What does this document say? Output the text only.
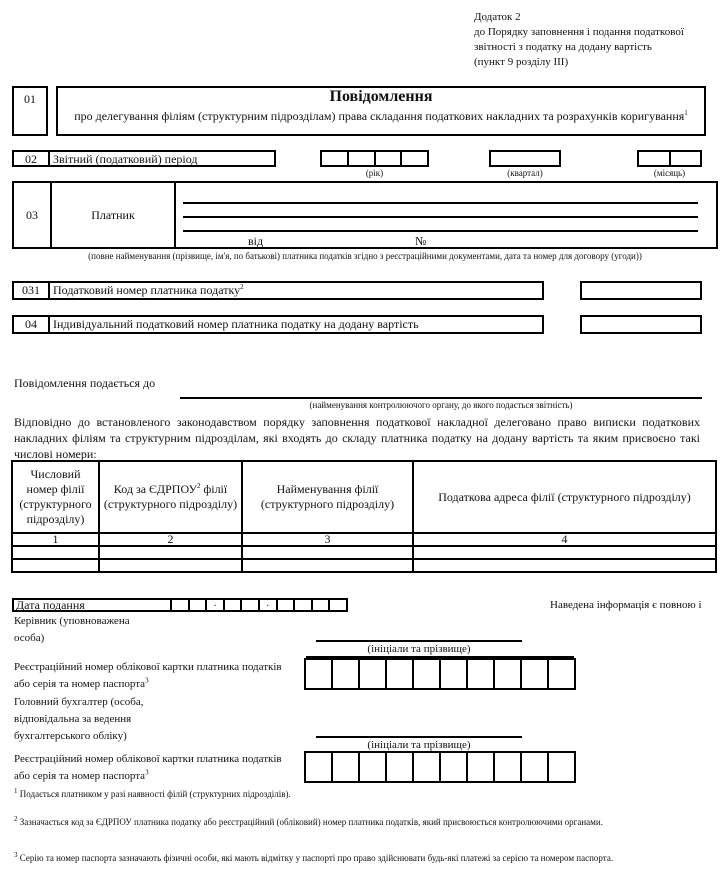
Додаток 2
до Порядку заповнення і подання податкової
звітності з податку на додану вартість
(пункт 9 розділу III)
01	Повідомлення
про делегування філіям (структурним підрозділам) права складання податкових накладних та розрахунків коригування$^1$
02	Звітний (податковий) період
(рік)	(квартал)	(місяць)
03	Платник
від	№
(повне найменування (прізвище, ім'я, по батькові) платника податків згідно з реєстраційними документами, дата та номер для договору (угоди))
031	Податковий номер платника податку$^2$
04	Індивідуальний податковий номер платника податку на додану вартість
Повідомлення подається до
(найменування контролюючого органу, до якого подається звітність)
Відповідно до встановленого законодавством порядку заповнення податкової накладної делеговано право виписки податкових накладних філіям та структурним підрозділам, які входять до складу платника податку на додану вартість та яким присвоєно такі числові номери:
Числовий номер філії (структурного підрозділу)	Код за ЄДРПОУ$^2$ філії (структурного підрозділу)	Найменування філії (структурного підрозділу)	Податкова адреса філії (структурного підрозділу)
1	2	3	4

Дата подання	.	.	Наведена інформація є повною і
Керівник (уповноважена
особа)
(ініціали та прізвище)
Реєстраційний номер облікової картки платника податків
або серія та номер паспорта$^3$
Головний бухгалтер (особа,
відповідальна за ведення
бухгалтерського обліку)
(ініціали та прізвище)
Реєстраційний номер облікової картки платника податків
або серія та номер паспорта$^3$
$^1$ Подається платником у разі наявності філій (структурних підрозділів).
$^2$ Зазначається код за ЄДРПОУ платника податку або реєстраційний (обліковий) номер платника податків, який присвоюється контролюючими органами.
$^3$ Серію та номер паспорта зазначають фізичні особи, які мають відмітку у паспорті про право здійснювати будь-які платежі за серією та номером паспорта.
